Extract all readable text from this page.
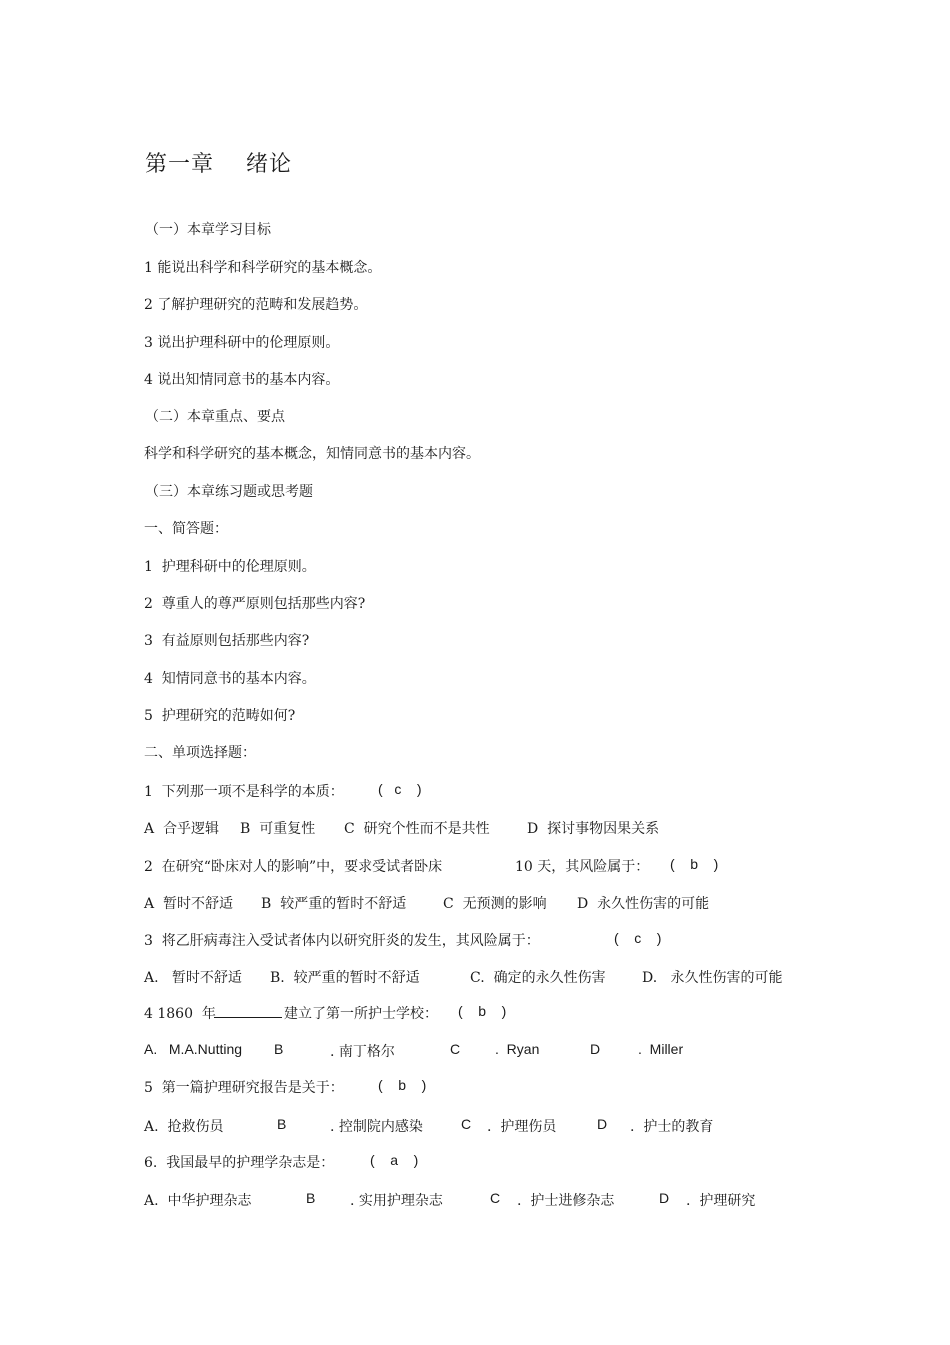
第一章    绪论
（一）本章学习目标
1 能说出科学和科学研究的基本概念。
2 了解护理研究的范畴和发展趋势。
3 说出护理科研中的伦理原则。
4 说出知情同意书的基本内容。
（二）本章重点、要点
科学和科学研究的基本概念，知情同意书的基本内容。
（三）本章练习题或思考题
一、简答题：
1  护理科研中的伦理原则。
2  尊重人的尊严原则包括那些内容?
3  有益原则包括那些内容?
4  知情同意书的基本内容。
5  护理研究的范畴如何?
二、单项选择题：
1  下列那一项不是科学的本质： (   c    )
A  合乎逻辑 B  可重复性 C  研究个性而不是共性	D  探讨事物因果关系
2  在研究“卧床对人的影响”中，要求受试者卧床	10 天，其风险属于： (    b    )
A  暂时不舒适 B  较严重的暂时不舒适	C  无预测的影响 D  永久性伤害的可能
3  将乙肝病毒注入受试者体内以研究肝炎的发生，其风险属于：	(    c    )
A.   暂时不舒适 B.  较严重的暂时不舒适	C.  确定的永久性伤害	D.   永久性伤害的可能
4 1860  年	建立了第一所护士学校： (    b    )
A.   M.A.Nutting B	. 南丁格尔	C .  Ryan	D	.  Miller
5  第一篇护理研究报告是关于： (    b    )
A.  抢救伤员	B	. 控制院内感染	C .  护理伤员	D .  护士的教育
6.  我国最早的护理学杂志是：	(    a    )
A.  中华护理杂志	B . 实用护理杂志	C .  护士进修杂志	D .  护理研究
